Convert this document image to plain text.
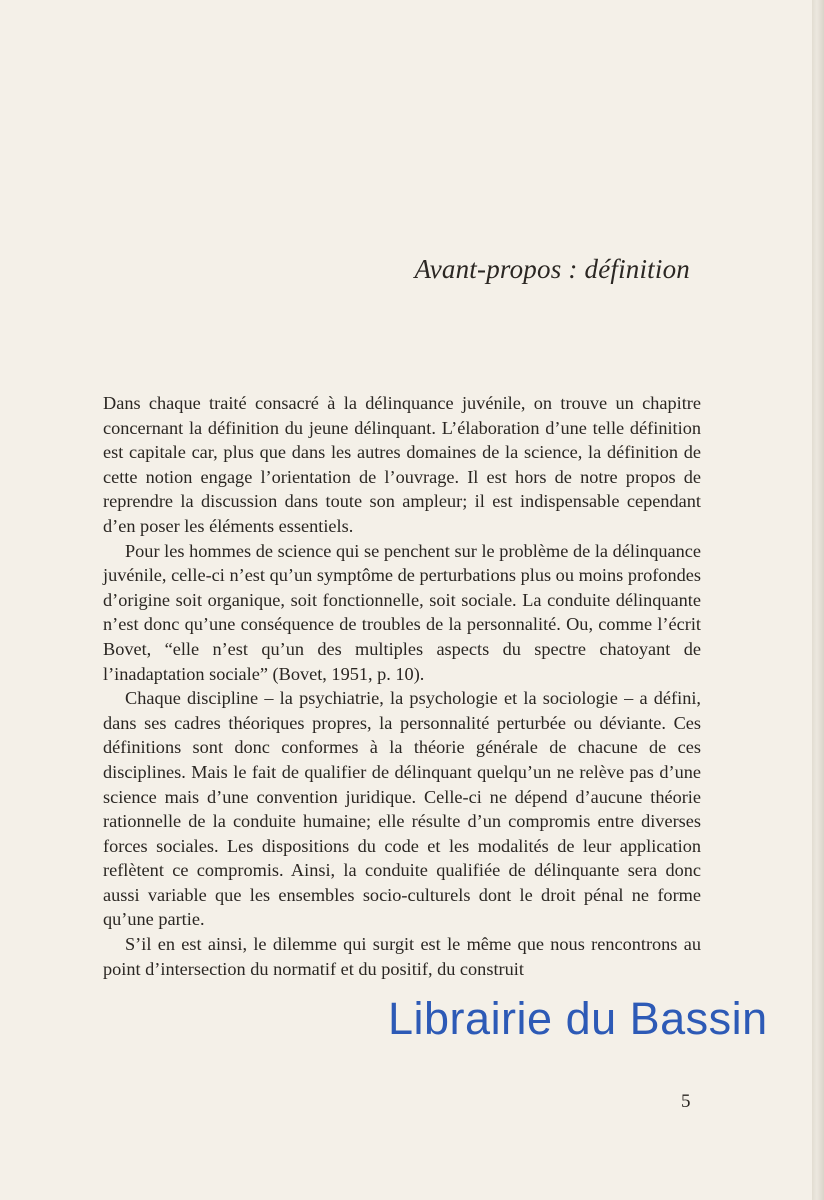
Avant-propos : définition

Dans chaque traité consacré à la délinquance juvénile, on trouve un chapitre concernant la définition du jeune délinquant. L’élaboration d’une telle définition est capitale car, plus que dans les autres domaines de la science, la définition de cette notion engage l’orientation de l’ouvrage. Il est hors de notre propos de reprendre la discussion dans toute son ampleur; il est indispensable cependant d’en poser les éléments essentiels.

Pour les hommes de science qui se penchent sur le problème de la délinquance juvénile, celle-ci n’est qu’un symptôme de perturbations plus ou moins profondes d’origine soit organique, soit fonctionnelle, soit sociale. La conduite délinquante n’est donc qu’une conséquence de troubles de la personnalité. Ou, comme l’écrit Bovet, “elle n’est qu’un des multiples aspects du spectre chatoyant de l’inadaptation sociale” (Bovet, 1951, p. 10).

Chaque discipline – la psychiatrie, la psychologie et la sociologie – a défini, dans ses cadres théoriques propres, la personnalité perturbée ou déviante. Ces définitions sont donc conformes à la théorie générale de chacune de ces disciplines. Mais le fait de qualifier de délinquant quelqu’un ne relève pas d’une science mais d’une convention juridique. Celle-ci ne dépend d’aucune théorie rationnelle de la conduite humaine; elle résulte d’un compromis entre diverses forces sociales. Les dispositions du code et les modalités de leur application reflètent ce compromis. Ainsi, la conduite qualifiée de délinquante sera donc aussi variable que les ensembles socio-culturels dont le droit pénal ne forme qu’une partie.

S’il en est ainsi, le dilemme qui surgit est le même que nous rencontrons au point d’intersection du normatif et du positif, du construit

Librairie du Bassin
5
